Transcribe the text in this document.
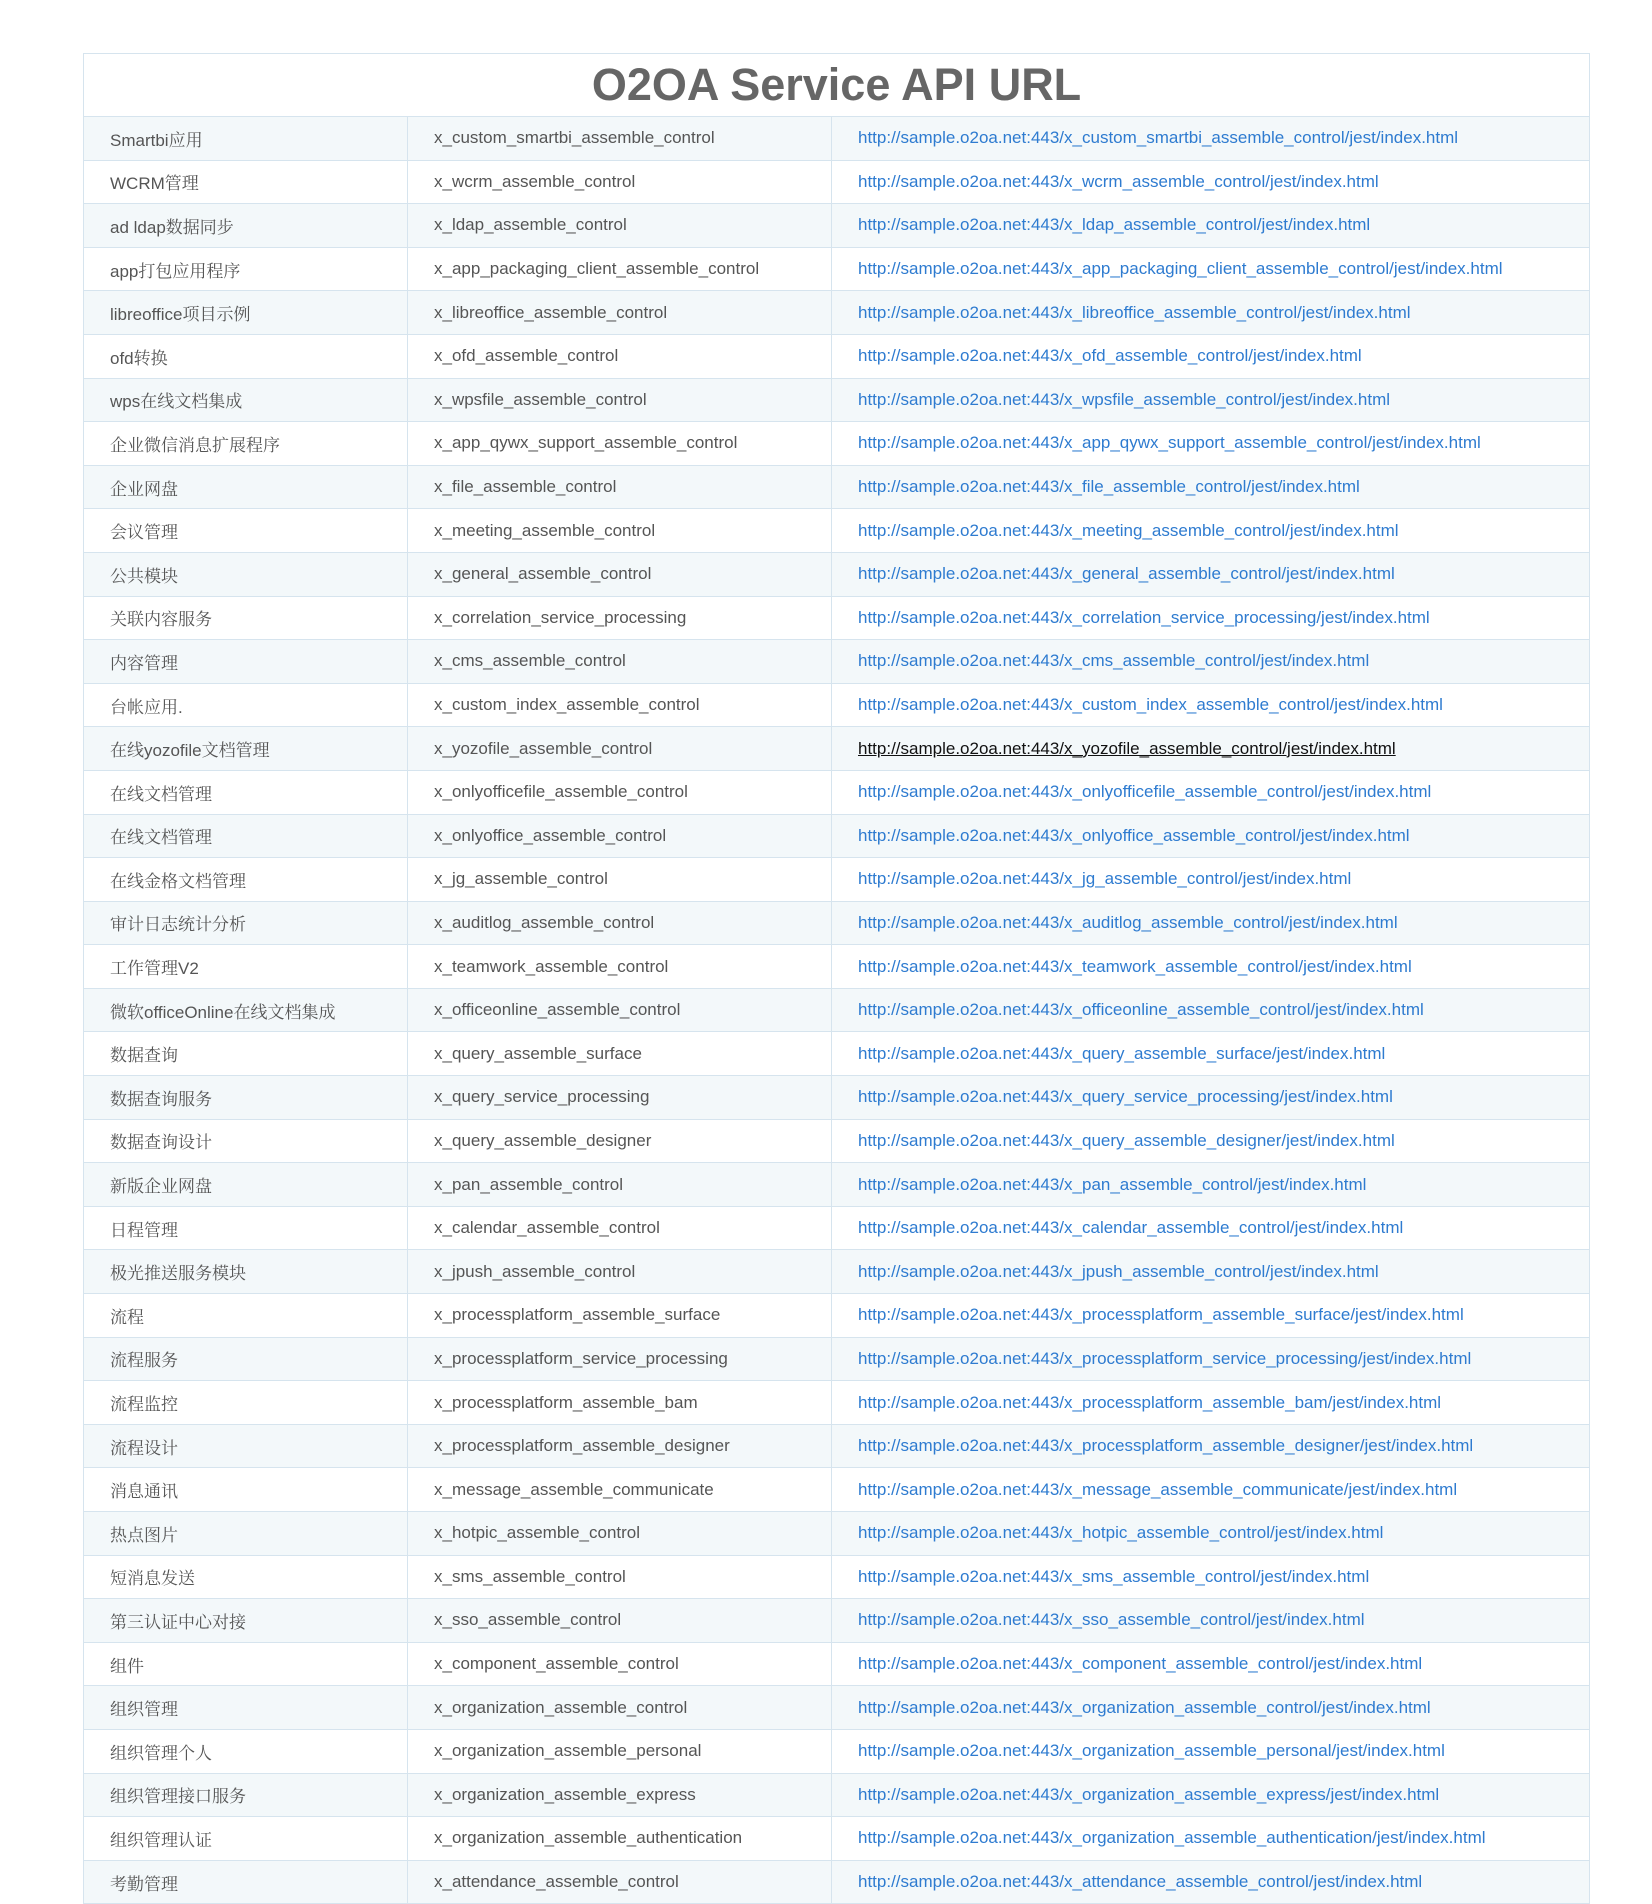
O2OA Service API URL		
Smartbi应用	x_custom_smartbi_assemble_control	http://sample.o2oa.net:443/x_custom_smartbi_assemble_control/jest/index.html
WCRM管理	x_wcrm_assemble_control	http://sample.o2oa.net:443/x_wcrm_assemble_control/jest/index.html
ad ldap数据同步	x_ldap_assemble_control	http://sample.o2oa.net:443/x_ldap_assemble_control/jest/index.html
app打包应用程序	x_app_packaging_client_assemble_control	http://sample.o2oa.net:443/x_app_packaging_client_assemble_control/jest/index.html
libreoffice项目示例	x_libreoffice_assemble_control	http://sample.o2oa.net:443/x_libreoffice_assemble_control/jest/index.html
ofd转换	x_ofd_assemble_control	http://sample.o2oa.net:443/x_ofd_assemble_control/jest/index.html
wps在线文档集成	x_wpsfile_assemble_control	http://sample.o2oa.net:443/x_wpsfile_assemble_control/jest/index.html
企业微信消息扩展程序	x_app_qywx_support_assemble_control	http://sample.o2oa.net:443/x_app_qywx_support_assemble_control/jest/index.html
企业网盘	x_file_assemble_control	http://sample.o2oa.net:443/x_file_assemble_control/jest/index.html
会议管理	x_meeting_assemble_control	http://sample.o2oa.net:443/x_meeting_assemble_control/jest/index.html
公共模块	x_general_assemble_control	http://sample.o2oa.net:443/x_general_assemble_control/jest/index.html
关联内容服务	x_correlation_service_processing	http://sample.o2oa.net:443/x_correlation_service_processing/jest/index.html
内容管理	x_cms_assemble_control	http://sample.o2oa.net:443/x_cms_assemble_control/jest/index.html
台帐应用.	x_custom_index_assemble_control	http://sample.o2oa.net:443/x_custom_index_assemble_control/jest/index.html
在线yozofile文档管理	x_yozofile_assemble_control	http://sample.o2oa.net:443/x_yozofile_assemble_control/jest/index.html
在线文档管理	x_onlyofficefile_assemble_control	http://sample.o2oa.net:443/x_onlyofficefile_assemble_control/jest/index.html
在线文档管理	x_onlyoffice_assemble_control	http://sample.o2oa.net:443/x_onlyoffice_assemble_control/jest/index.html
在线金格文档管理	x_jg_assemble_control	http://sample.o2oa.net:443/x_jg_assemble_control/jest/index.html
审计日志统计分析	x_auditlog_assemble_control	http://sample.o2oa.net:443/x_auditlog_assemble_control/jest/index.html
工作管理V2	x_teamwork_assemble_control	http://sample.o2oa.net:443/x_teamwork_assemble_control/jest/index.html
微软officeOnline在线文档集成	x_officeonline_assemble_control	http://sample.o2oa.net:443/x_officeonline_assemble_control/jest/index.html
数据查询	x_query_assemble_surface	http://sample.o2oa.net:443/x_query_assemble_surface/jest/index.html
数据查询服务	x_query_service_processing	http://sample.o2oa.net:443/x_query_service_processing/jest/index.html
数据查询设计	x_query_assemble_designer	http://sample.o2oa.net:443/x_query_assemble_designer/jest/index.html
新版企业网盘	x_pan_assemble_control	http://sample.o2oa.net:443/x_pan_assemble_control/jest/index.html
日程管理	x_calendar_assemble_control	http://sample.o2oa.net:443/x_calendar_assemble_control/jest/index.html
极光推送服务模块	x_jpush_assemble_control	http://sample.o2oa.net:443/x_jpush_assemble_control/jest/index.html
流程	x_processplatform_assemble_surface	http://sample.o2oa.net:443/x_processplatform_assemble_surface/jest/index.html
流程服务	x_processplatform_service_processing	http://sample.o2oa.net:443/x_processplatform_service_processing/jest/index.html
流程监控	x_processplatform_assemble_bam	http://sample.o2oa.net:443/x_processplatform_assemble_bam/jest/index.html
流程设计	x_processplatform_assemble_designer	http://sample.o2oa.net:443/x_processplatform_assemble_designer/jest/index.html
消息通讯	x_message_assemble_communicate	http://sample.o2oa.net:443/x_message_assemble_communicate/jest/index.html
热点图片	x_hotpic_assemble_control	http://sample.o2oa.net:443/x_hotpic_assemble_control/jest/index.html
短消息发送	x_sms_assemble_control	http://sample.o2oa.net:443/x_sms_assemble_control/jest/index.html
第三认证中心对接	x_sso_assemble_control	http://sample.o2oa.net:443/x_sso_assemble_control/jest/index.html
组件	x_component_assemble_control	http://sample.o2oa.net:443/x_component_assemble_control/jest/index.html
组织管理	x_organization_assemble_control	http://sample.o2oa.net:443/x_organization_assemble_control/jest/index.html
组织管理个人	x_organization_assemble_personal	http://sample.o2oa.net:443/x_organization_assemble_personal/jest/index.html
组织管理接口服务	x_organization_assemble_express	http://sample.o2oa.net:443/x_organization_assemble_express/jest/index.html
组织管理认证	x_organization_assemble_authentication	http://sample.o2oa.net:443/x_organization_assemble_authentication/jest/index.html
考勤管理	x_attendance_assemble_control	http://sample.o2oa.net:443/x_attendance_assemble_control/jest/index.html
